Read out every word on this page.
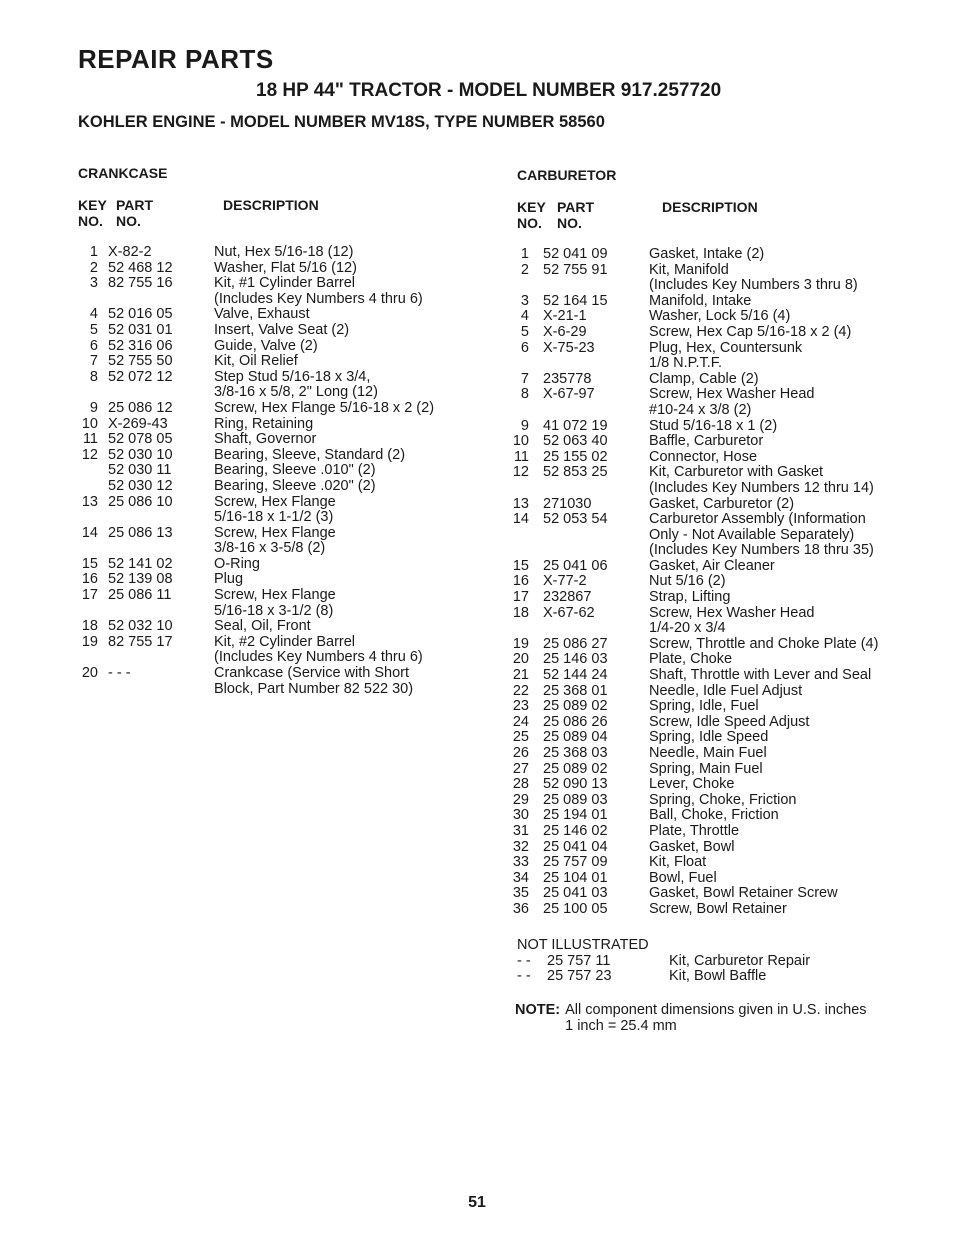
REPAIR PARTS
18 HP 44" TRACTOR - MODEL NUMBER 917.257720
KOHLER ENGINE - MODEL NUMBER MV18S, TYPE NUMBER 58560
CRANKCASE
KEY
NO.
PART
NO.
DESCRIPTION
1 X-82-2	Nut, Hex 5/16-18 (12)
2 52 468 12	Washer, Flat 5/16 (12)
3 82 755 16	Kit, #1 Cylinder Barrel
(Includes Key Numbers 4 thru 6)
4 52 016 05	Valve, Exhaust
5 52 031 01	Insert, Valve Seat (2)
6 52 316 06	Guide, Valve (2)
7 52 755 50	Kit, Oil Relief
8 52 072 12	Step Stud 5/16-18 x 3/4,
3/8-16 x 5/8, 2" Long (12)
9 25 086 12	Screw, Hex Flange 5/16-18 x 2 (2)
10 X-269-43	Ring, Retaining
11 52 078 05	Shaft, Governor
12 52 030 10	Bearing, Sleeve, Standard (2)
52 030 11	Bearing, Sleeve .010" (2)
52 030 12	Bearing, Sleeve .020" (2)
13 25 086 10	Screw, Hex Flange
5/16-18 x 1-1/2 (3)
14 25 086 13	Screw, Hex Flange
3/8-16 x 3-5/8 (2)
15 52 141 02	O-Ring
16 52 139 08	Plug
17 25 086 11	Screw, Hex Flange
5/16-18 x 3-1/2 (8)
18 52 032 10	Seal, Oil, Front
19 82 755 17	Kit, #2 Cylinder Barrel
(Includes Key Numbers 4 thru 6)
20 - - -	Crankcase (Service with Short
Block, Part Number 82 522 30)
CARBURETOR
KEY
NO.
PART
NO.
DESCRIPTION
1 52 041 09	Gasket, Intake (2)
2 52 755 91	Kit, Manifold
(Includes Key Numbers 3 thru 8)
3 52 164 15	Manifold, Intake
4 X-21-1	Washer, Lock 5/16 (4)
5 X-6-29	Screw, Hex Cap 5/16-18 x 2 (4)
6 X-75-23	Plug, Hex, Countersunk
1/8 N.P.T.F.
7 235778	Clamp, Cable (2)
8 X-67-97	Screw, Hex Washer Head
#10-24 x 3/8 (2)
9 41 072 19	Stud 5/16-18 x 1 (2)
10 52 063 40	Baffle, Carburetor
11 25 155 02	Connector, Hose
12 52 853 25	Kit, Carburetor with Gasket
(Includes Key Numbers 12 thru 14)
13 271030	Gasket, Carburetor (2)
14 52 053 54	Carburetor Assembly (Information
Only - Not Available Separately)
(Includes Key Numbers 18 thru 35)
15 25 041 06	Gasket, Air Cleaner
16 X-77-2	Nut 5/16 (2)
17 232867	Strap, Lifting
18 X-67-62	Screw, Hex Washer Head
1/4-20 x 3/4
19 25 086 27	Screw, Throttle and Choke Plate (4)
20 25 146 03	Plate, Choke
21 52 144 24	Shaft, Throttle with Lever and Seal
22 25 368 01	Needle, Idle Fuel Adjust
23 25 089 02	Spring, Idle, Fuel
24 25 086 26	Screw, Idle Speed Adjust
25 25 089 04	Spring, Idle Speed
26 25 368 03	Needle, Main Fuel
27 25 089 02	Spring, Main Fuel
28 52 090 13	Lever, Choke
29 25 089 03	Spring, Choke, Friction
30 25 194 01	Ball, Choke, Friction
31 25 146 02	Plate, Throttle
32 25 041 04	Gasket, Bowl
33 25 757 09	Kit, Float
34 25 104 01	Bowl, Fuel
35 25 041 03	Gasket, Bowl Retainer Screw
36 25 100 05	Screw, Bowl Retainer
NOT ILLUSTRATED
- -	25 757 11	Kit, Carburetor Repair
- -	25 757 23	Kit, Bowl Baffle
NOTE: All component dimensions given in U.S. inches
1 inch = 25.4 mm
51
